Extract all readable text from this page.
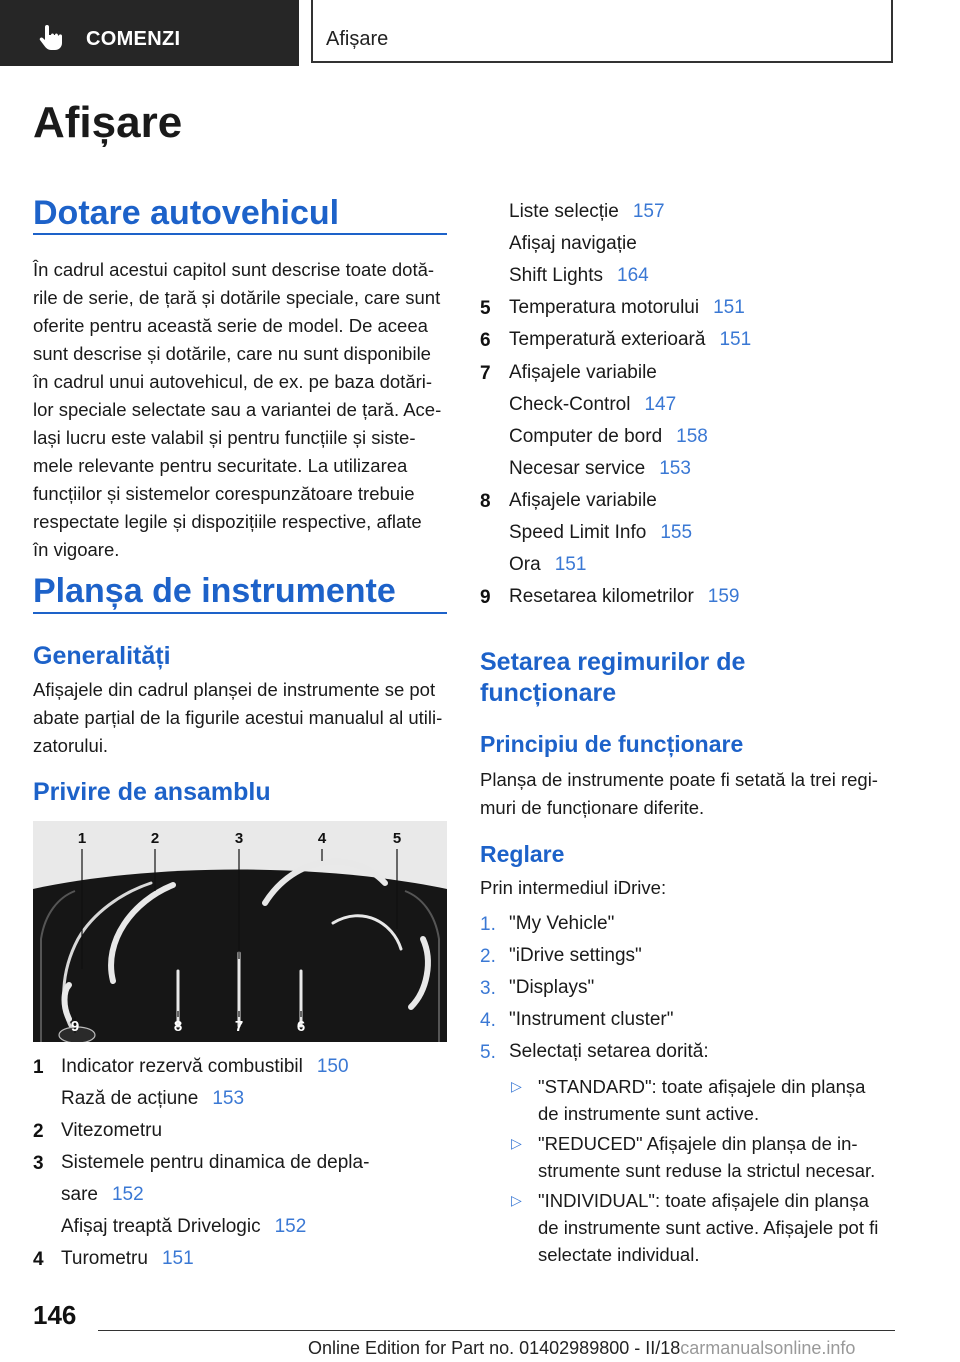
COMENZI	Afișare
Afișare
Dotare autovehicul
În cadrul acestui capitol sunt descrise toate dotă-
rile de serie, de țară și dotările speciale, care sunt
oferite pentru această serie de model. De aceea
sunt descrise și dotările, care nu sunt disponibile
în cadrul unui autovehicul, de ex. pe baza dotări-
lor speciale selectate sau a variantei de țară. Ace-
lași lucru este valabil și pentru funcțiile și siste-
mele relevante pentru securitate. La utilizarea
funcțiilor și sistemelor corespunzătoare trebuie
respectate legile și dispozițiile respective, aflate
în vigoare.
Planșa de instrumente
Generalități
Afișajele din cadrul planșei de instrumente se pot
abate parțial de la figurile acestui manualul al utili-
zatorului.
Privire de ansamblu
1	2	3	4	5
9	8	7	6
1 Indicator rezervă combustibil 150
Rază de acțiune 153
2 Vitezometru
3 Sistemele pentru dinamica de depla-
sare 152
Afișaj treaptă Drivelogic 152
4 Turometru 151
Liste selecție 157
Afișaj navigație
Shift Lights 164
5 Temperatura motorului 151
6 Temperatură exterioară 151
7 Afișajele variabile
Check-Control 147
Computer de bord 158
Necesar service 153
8 Afișajele variabile
Speed Limit Info 155
Ora 151
9 Resetarea kilometrilor 159
Setarea regimurilor de
funcționare
Principiu de funcționare
Planșa de instrumente poate fi setată la trei regi-
muri de funcționare diferite.
Reglare
Prin intermediul iDrive:
1. "My Vehicle"
2. "iDrive settings"
3. "Displays"
4. "Instrument cluster"
5. Selectați setarea dorită:
▷ "STANDARD": toate afișajele din planșa
de instrumente sunt active.
▷ "REDUCED" Afișajele din planșa de in-
strumente sunt reduse la strictul necesar.
▷ "INDIVIDUAL": toate afișajele din planșa
de instrumente sunt active. Afișajele pot fi
selectate individual.
146
Online Edition for Part no. 01402989800 - II/18carmanualsonline.info
